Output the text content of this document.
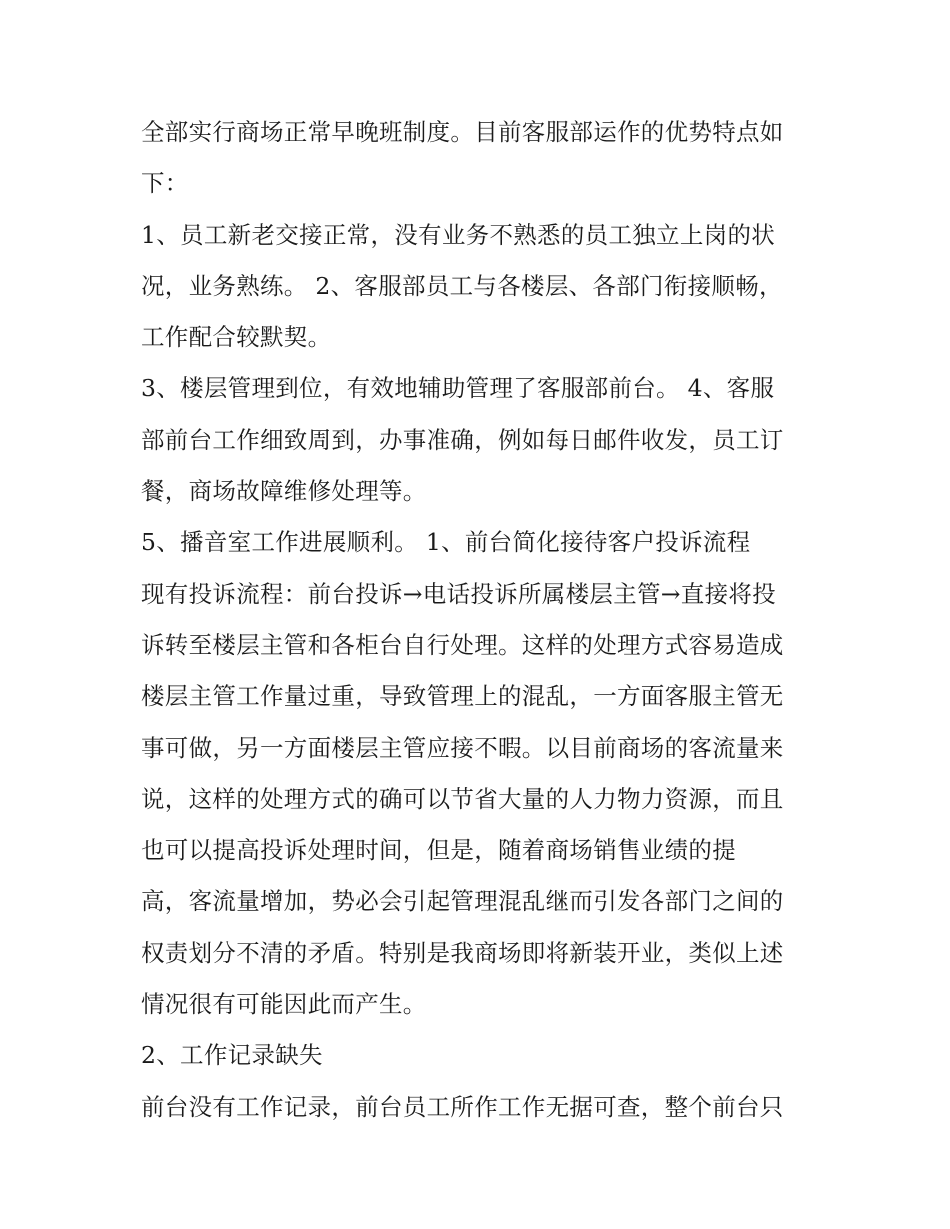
全部实行商场正常早晚班制度。目前客服部运作的优势特点如
下：
1、员工新老交接正常，没有业务不熟悉的员工独立上岗的状
况，业务熟练。 2、客服部员工与各楼层、各部门衔接顺畅，
工作配合较默契。
3、楼层管理到位，有效地辅助管理了客服部前台。 4、客服
部前台工作细致周到，办事准确，例如每日邮件收发，员工订
餐，商场故障维修处理等。
5、播音室工作进展顺利。 1、前台简化接待客户投诉流程
现有投诉流程：前台投诉→电话投诉所属楼层主管→直接将投
诉转至楼层主管和各柜台自行处理。这样的处理方式容易造成
楼层主管工作量过重，导致管理上的混乱，一方面客服主管无
事可做，另一方面楼层主管应接不暇。以目前商场的客流量来
说，这样的处理方式的确可以节省大量的人力物力资源，而且
也可以提高投诉处理时间，但是，随着商场销售业绩的提
高，客流量增加，势必会引起管理混乱继而引发各部门之间的
权责划分不清的矛盾。特别是我商场即将新装开业，类似上述
情况很有可能因此而产生。
2、工作记录缺失
前台没有工作记录，前台员工所作工作无据可查，整个前台只
